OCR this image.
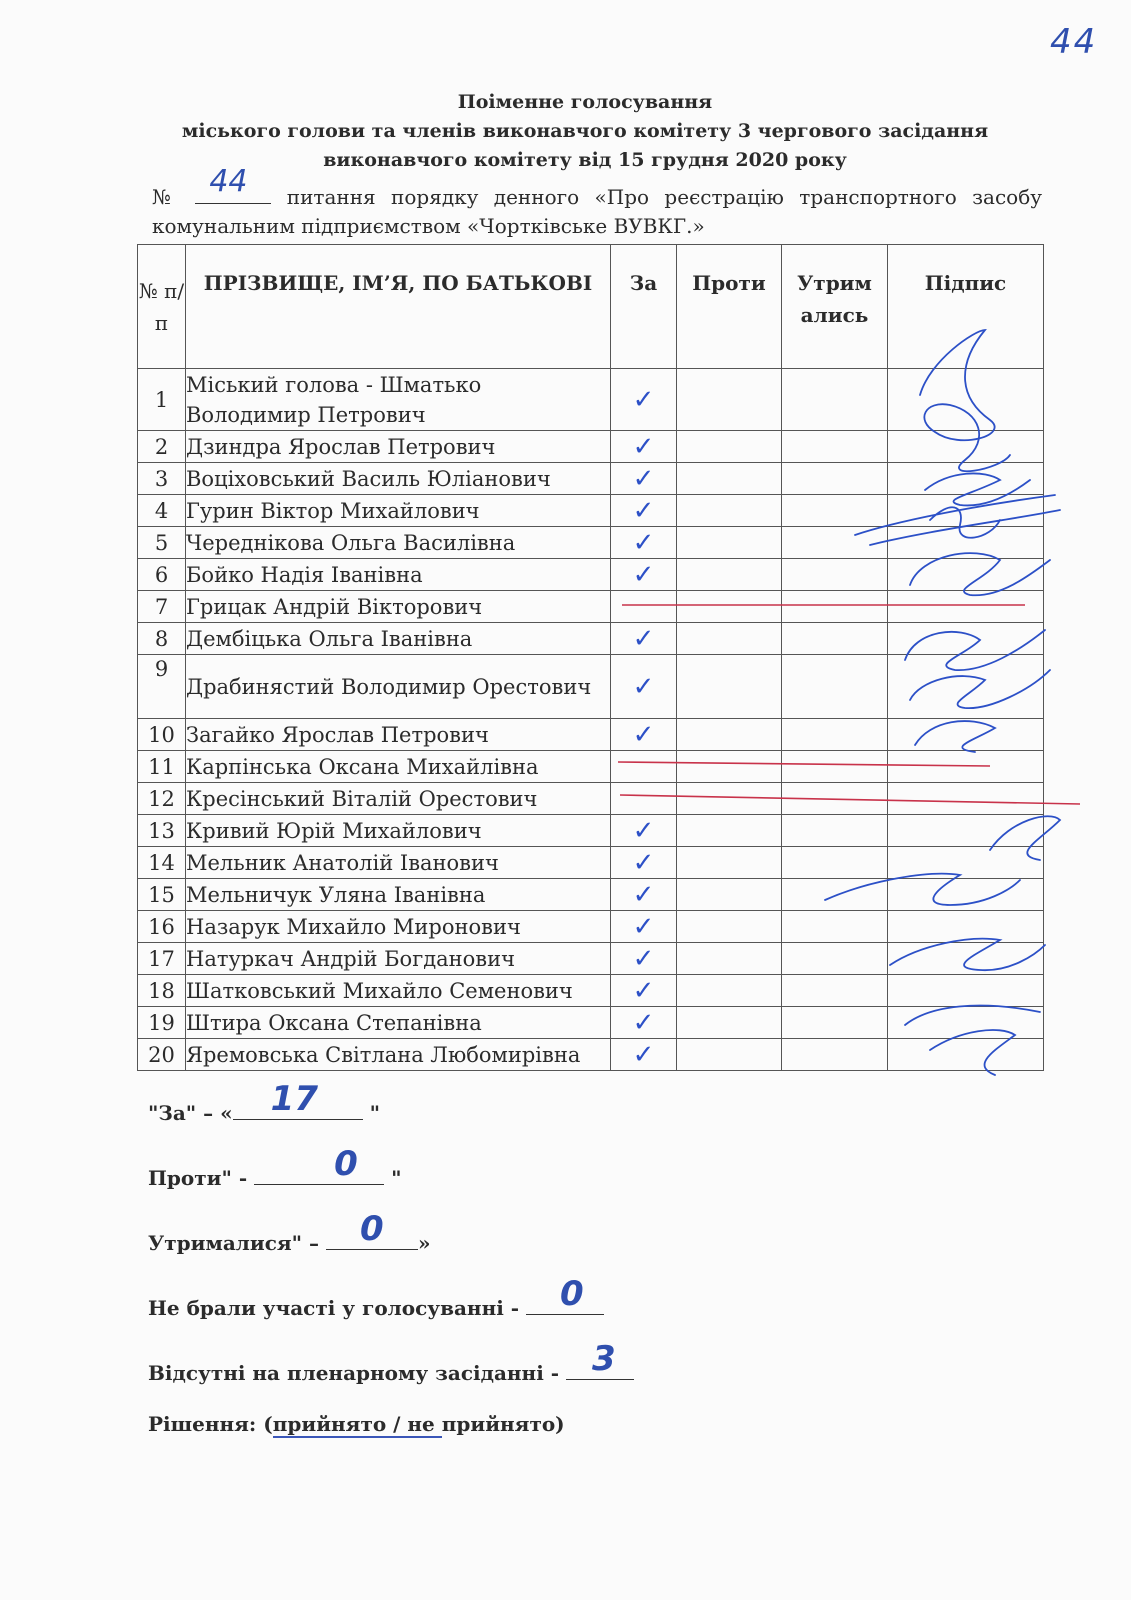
44
Поіменне голосування
міського голови та членів виконавчого комітету 3 чергового засідання
виконавчого комітету від 15 грудня 2020 року
№ 44 питання порядку денного «Про реєстрацію транспортного засобу комунальним підприємством «Чортківське ВУВКГ.»
№ п/ п	ПРІЗВИЩЕ, ІМ’Я, ПО БАТЬКОВІ	За	Проти	Утрим ались	Підпис
1	Міський голова - Шматько Володимир Петрович	✓			
2	Дзиндра Ярослав Петрович	✓			
3	Воціховський Василь Юліанович	✓			
4	Гурин Віктор Михайлович	✓			
5	Череднікова Ольга Василівна	✓			
6	Бойко Надія Іванівна	✓			
7	Грицак Андрій Вікторович				
8	Дембіцька Ольга Іванівна	✓			
9	Драбинястий Володимир Орестович	✓			
10	Загайко Ярослав Петрович	✓			
11	Карпінська Оксана Михайлівна				
12	Кресінський Віталій Орестович				
13	Кривий Юрій Михайлович	✓			
14	Мельник Анатолій Іванович	✓			
15	Мельничук Уляна Іванівна	✓			
16	Назарук Михайло Миронович	✓			
17	Натуркач Андрій Богданович	✓			
18	Шатковський Михайло Семенович	✓			
19	Штира Оксана Степанівна	✓			
20	Яремовська Світлана Любомирівна	✓			
"За" – « 17	"
Проти" -	0 "
Утрималися" – 0 »
Не брали участі у голосуванні - 0
Відсутні на пленарному засіданні - 3
Рішення: (прийнято / не прийнято)
